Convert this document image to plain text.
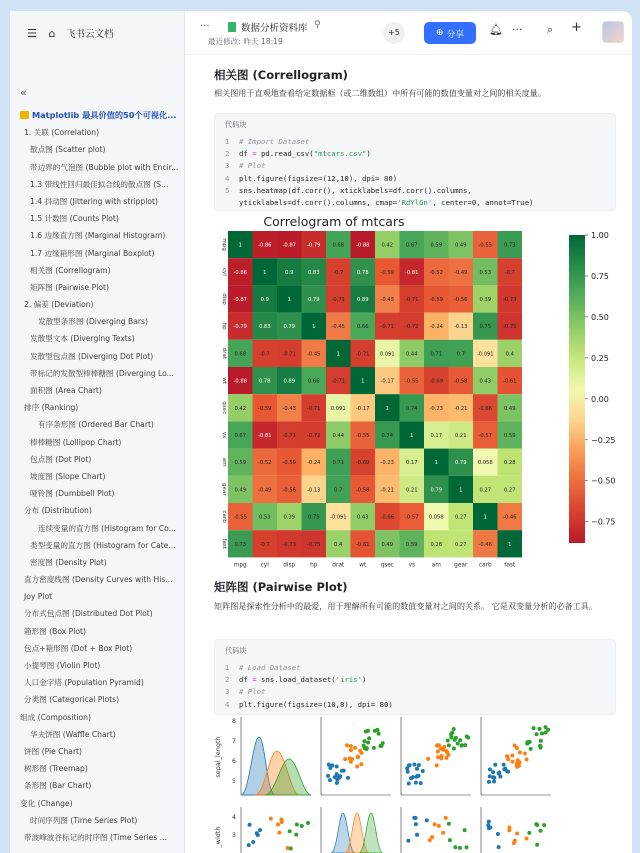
☰ ⌂ 飞书云文档
«
Matplotlib 最具价值的50个可视化...
1. 关联 (Correlation)
散点图 (Scatter plot)
带边界的气泡图 (Bubble plot with Encir...
1.3 带线性回归最佳拟合线的散点图 (S...
1.4 抖动图 (Jittering with stripplot)
1.5 计数图 (Counts Plot)
1.6 边缘直方图 (Marginal Histogram)
1.7 边缘箱形图 (Marginal Boxplot)
相关图 (Correllogram)
矩阵图 (Pairwise Plot)
2. 偏差 (Deviation)
发散型条形图 (Diverging Bars)
发散型文本 (Diverging Texts)
发散型包点图 (Diverging Dot Plot)
带标记的发散型棒棒糖图 (Diverging Lo...
面积图 (Area Chart)
排序 (Ranking)
有序条形图 (Ordered Bar Chart)
棒棒糖图 (Lollipop Chart)
包点图 (Dot Plot)
坡度图 (Slope Chart)
哑铃图 (Dumbbell Plot)
分布 (Distribution)
连续变量的直方图 (Histogram for Co...
类型变量的直方图 (Histogram for Cate...
密度图 (Density Plot)
直方密度线图 (Density Curves with His...
Joy Plot
分布式包点图 (Distributed Dot Plot)
箱形图 (Box Plot)
包点+箱形图 (Dot + Box Plot)
小提琴图 (Violin Plot)
人口金字塔 (Population Pyramid)
分类图 (Categorical Plots)
组成 (Composition)
华夫饼图 (Waffle Chart)
饼图 (Pie Chart)
树形图 (Treemap)
条形图 (Bar Chart)
变化 (Change)
时间序列图 (Time Series Plot)
带波峰波谷标记的时序图 (Time Series ...
···	数据分析资料库 ⚲
最近修改: 昨天 18:19
+5	⊕ 分享 🔔︎ ··· ⌕ +
相关图 (Correllogram)

相关图用于直观地查看给定数据框（或二维数组）中所有可能的数值变量对之间的相关度量。

代码块
1 # Import Dataset
2 df = pd.read_csv("mtcars.csv")
3 # Plot
4 plt.figure(figsize=(12,10), dpi= 80)
5 sns.heatmap(df.corr(), xticklabels=df.corr().columns,
yticklabels=df.corr().columns, cmap='RdYlGn', center=0, annot=True)
Correlogram of mtcars
1	-0.86 -0.87 -0.79 0.68 -0.88 0.42 0.67 0.59 0.49 -0.55 0.73
-0.86	1	0.9	0.83	-0.7	0.78 -0.59 -0.81 -0.52 -0.49 0.53	-0.7
-0.87	0.9	1	0.79 -0.71 0.89 -0.43 -0.71 -0.59 -0.56 0.39 -0.73
-0.79 0.83 0.79	1	-0.45 0.66 -0.71 -0.72 -0.24 -0.13 0.75 -0.75
0.68	-0.7 -0.71 -0.45	1	-0.71 0.091 0.44 0.71	0.7 -0.091 0.4
-0.88 0.78 0.89 0.66 -0.71	1	-0.17 -0.55 -0.69 -0.58 0.43 -0.61
0.42 -0.59 -0.43 -0.71 0.091 -0.17	1	0.74 -0.23 -0.21 -0.66 0.49
0.67 -0.81 -0.71 -0.72 0.44 -0.55 0.74	1	0.17 0.21 -0.57 0.59
0.59 -0.52 -0.59 -0.24 0.71 -0.69 -0.23 0.17	1	0.79 0.058 0.28
0.49 -0.49 -0.56 -0.13	0.7	-0.58 -0.21 0.21 0.79	1	0.27 0.27
-0.55 0.53 0.39 0.75 -0.091 0.43 -0.66 -0.57 0.058 0.27	1	-0.46
0.73	-0.7 -0.73 -0.75	0.4	-0.61 0.49 0.59 0.28 0.27 -0.46	1
mpg
cyl
disp
hp
drat
wt
qsec
vs
am
gear
carb
fast
mpg cyl disp	hp	drat	wt qsec	vs	am gear carb fast
1.00
0.75
0.50
0.25
0.00
−0.25
−0.50
−0.75
矩阵图 (Pairwise Plot)

矩阵图是探索性分析中的最爱，用于理解所有可能的数值变量对之间的关系。 它是双变量分析的必备工具。

代码块
1 # Load Dataset
2 df = sns.load_dataset('iris')
3 # Plot
4 plt.figure(figsize=(10,8), dpi= 80)
sepal_length
_width
8
7
6
5
4
3
